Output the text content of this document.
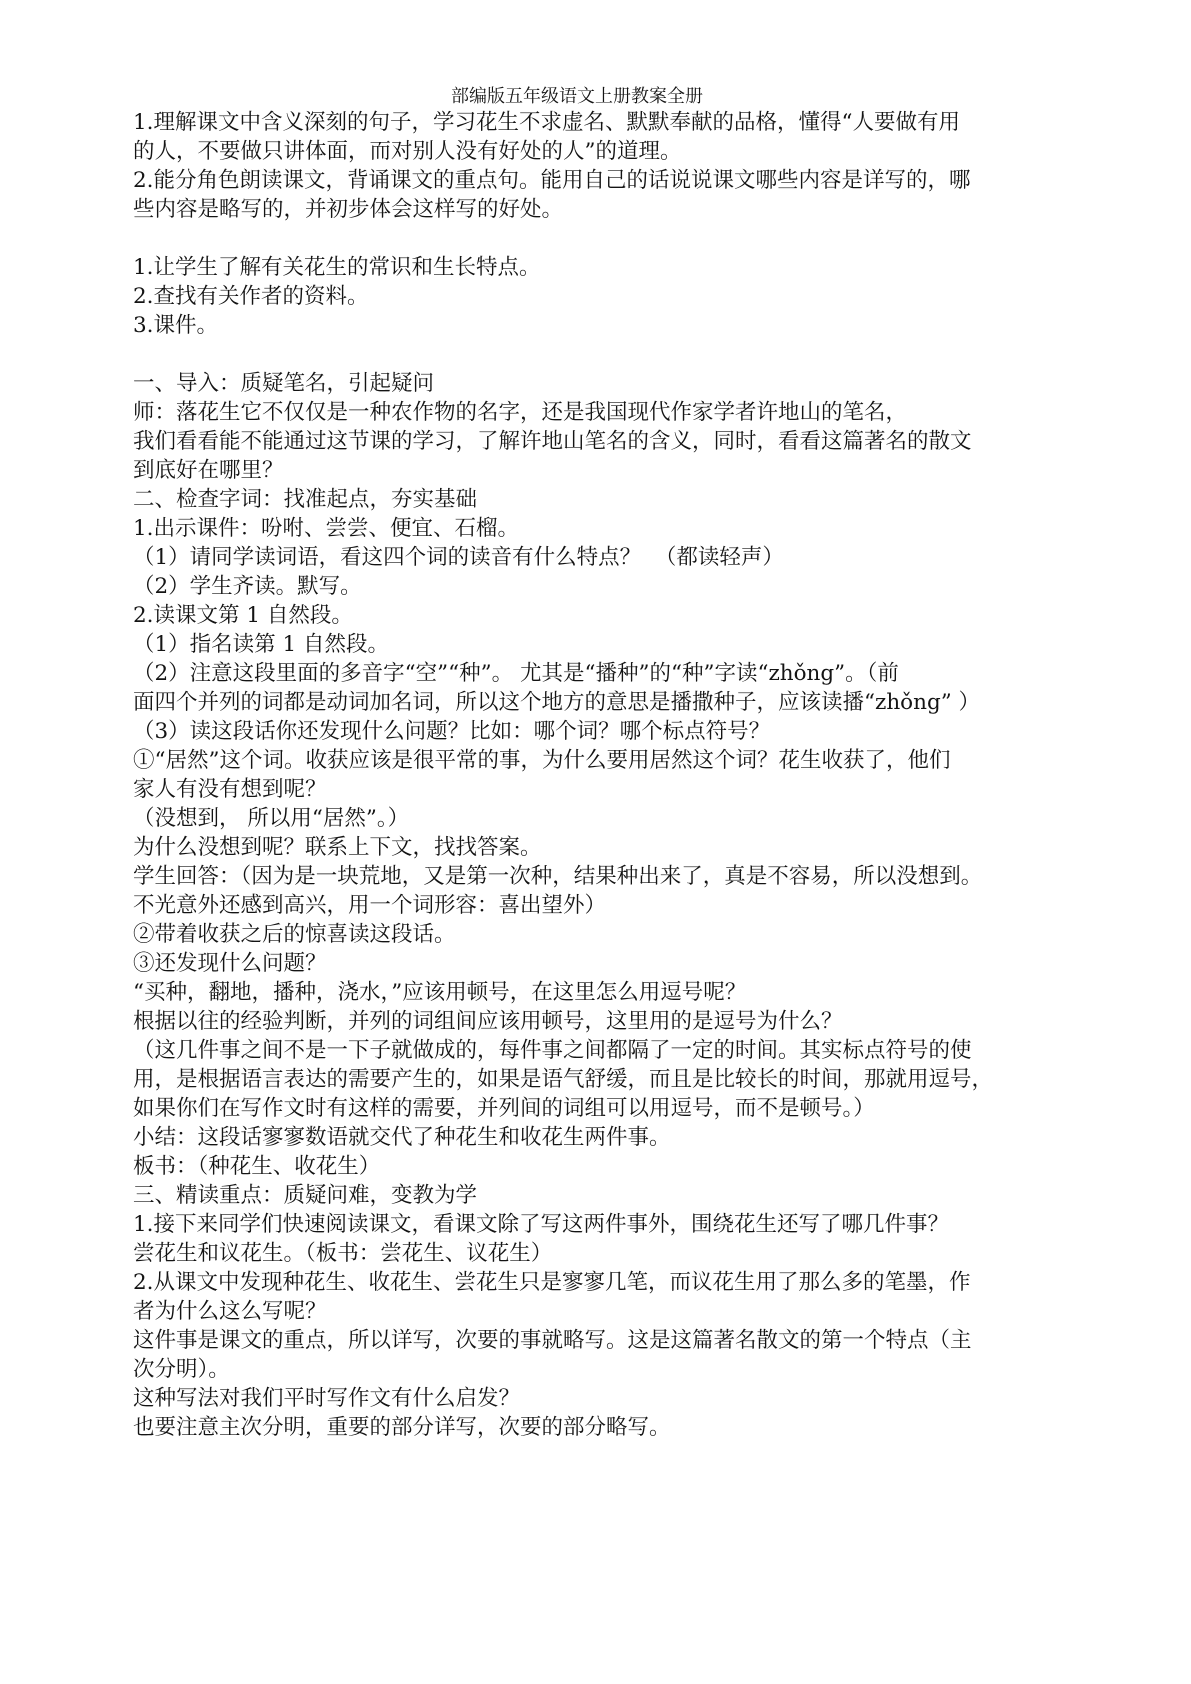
部编版五年级语文上册教案全册
1.理解课文中含义深刻的句子，学习花生不求虚名、默默奉献的品格，懂得“人要做有用
的人，不要做只讲体面，而对别人没有好处的人”的道理。
2.能分角色朗读课文，背诵课文的重点句。能用自己的话说说课文哪些内容是详写的，哪
些内容是略写的，并初步体会这样写的好处。
1.让学生了解有关花生的常识和生长特点。
2.查找有关作者的资料。
3.课件。
一、导入：质疑笔名，引起疑问
师：落花生它不仅仅是一种农作物的名字，还是我国现代作家学者许地山的笔名，
我们看看能不能通过这节课的学习，了解许地山笔名的含义，同时，看看这篇著名的散文
到底好在哪里？
二、检查字词：找准起点，夯实基础
1.出示课件：吩咐、尝尝、便宜、石榴。
（1）请同学读词语，看这四个词的读音有什么特点？  （都读轻声）
（2）学生齐读。默写。
2.读课文第 1 自然段。
（1）指名读第 1 自然段。
（2）注意这段里面的多音字“空”“种”。 尤其是“播种”的“种”字读“zhǒng”。（前
面四个并列的词都是动词加名词，所以这个地方的意思是播撒种子，应该读播“zhǒng” ）
（3）读这段话你还发现什么问题？比如：哪个词？哪个标点符号？
①“居然”这个词。收获应该是很平常的事，为什么要用居然这个词？花生收获了，他们
家人有没有想到呢？
（没想到， 所以用“居然”。）
为什么没想到呢？联系上下文，找找答案。
学生回答：（因为是一块荒地，又是第一次种，结果种出来了，真是不容易，所以没想到。
不光意外还感到高兴，用一个词形容：喜出望外）
②带着收获之后的惊喜读这段话。
③还发现什么问题？
“买种，翻地，播种，浇水，”应该用顿号，在这里怎么用逗号呢？
根据以往的经验判断，并列的词组间应该用顿号，这里用的是逗号为什么？
（这几件事之间不是一下子就做成的，每件事之间都隔了一定的时间。其实标点符号的使
用，是根据语言表达的需要产生的，如果是语气舒缓，而且是比较长的时间，那就用逗号，
如果你们在写作文时有这样的需要，并列间的词组可以用逗号，而不是顿号。）
小结：这段话寥寥数语就交代了种花生和收花生两件事。
板书：（种花生、收花生）
三、精读重点：质疑问难，变教为学
1.接下来同学们快速阅读课文，看课文除了写这两件事外，围绕花生还写了哪几件事？
尝花生和议花生。（板书：尝花生、议花生）
2.从课文中发现种花生、收花生、尝花生只是寥寥几笔，而议花生用了那么多的笔墨，作
者为什么这么写呢？
这件事是课文的重点，所以详写，次要的事就略写。这是这篇著名散文的第一个特点（主
次分明）。
这种写法对我们平时写作文有什么启发？
也要注意主次分明，重要的部分详写，次要的部分略写。
